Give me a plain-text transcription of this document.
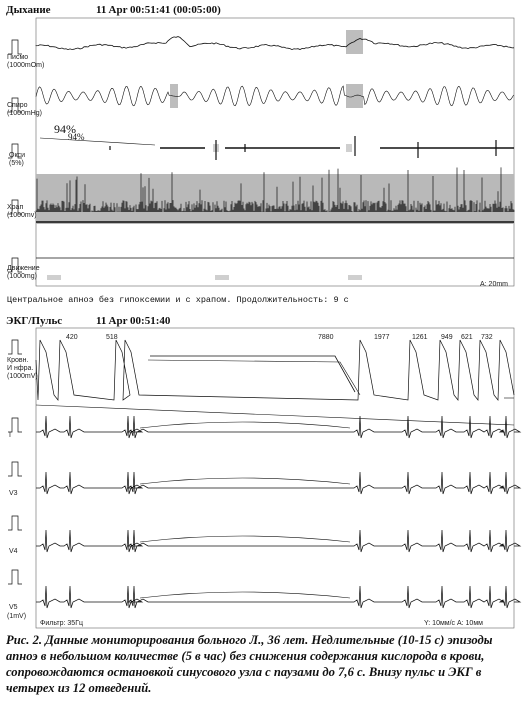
Дыхание	11 Apr 00:51:41 (00:05:00)
Писмо
(1000mOm)
Спиро
(1000mHg)
94%
94%
Окси
(5%)
Храп
(1000mv)
Движение
(1000mg)
A: 20mm
Центральное апноэ без гипоксемии и с храпом. Продолжительность: 9 с
ЭКГ/Пульс	11 Apr 00:51:40
Кровн.
И нфра.
(1000mV)
420	518	7880	1977	1261 949 621 732
I
V3
V4
V5
(1mV)
Фильтр: 35Гц	Y: 10мм/с A: 10мм
Рис. 2. Данные мониторирования больного Л., 36 лет. Недлительные (10-15 с) эпизоды апноэ в небольшом количестве (5 в час) без снижения содержания кислорода в крови, сопровождаются остановкой синусового узла с паузами до 7,6 с. Внизу пульс и ЭКГ в четырех из 12 отведений.
